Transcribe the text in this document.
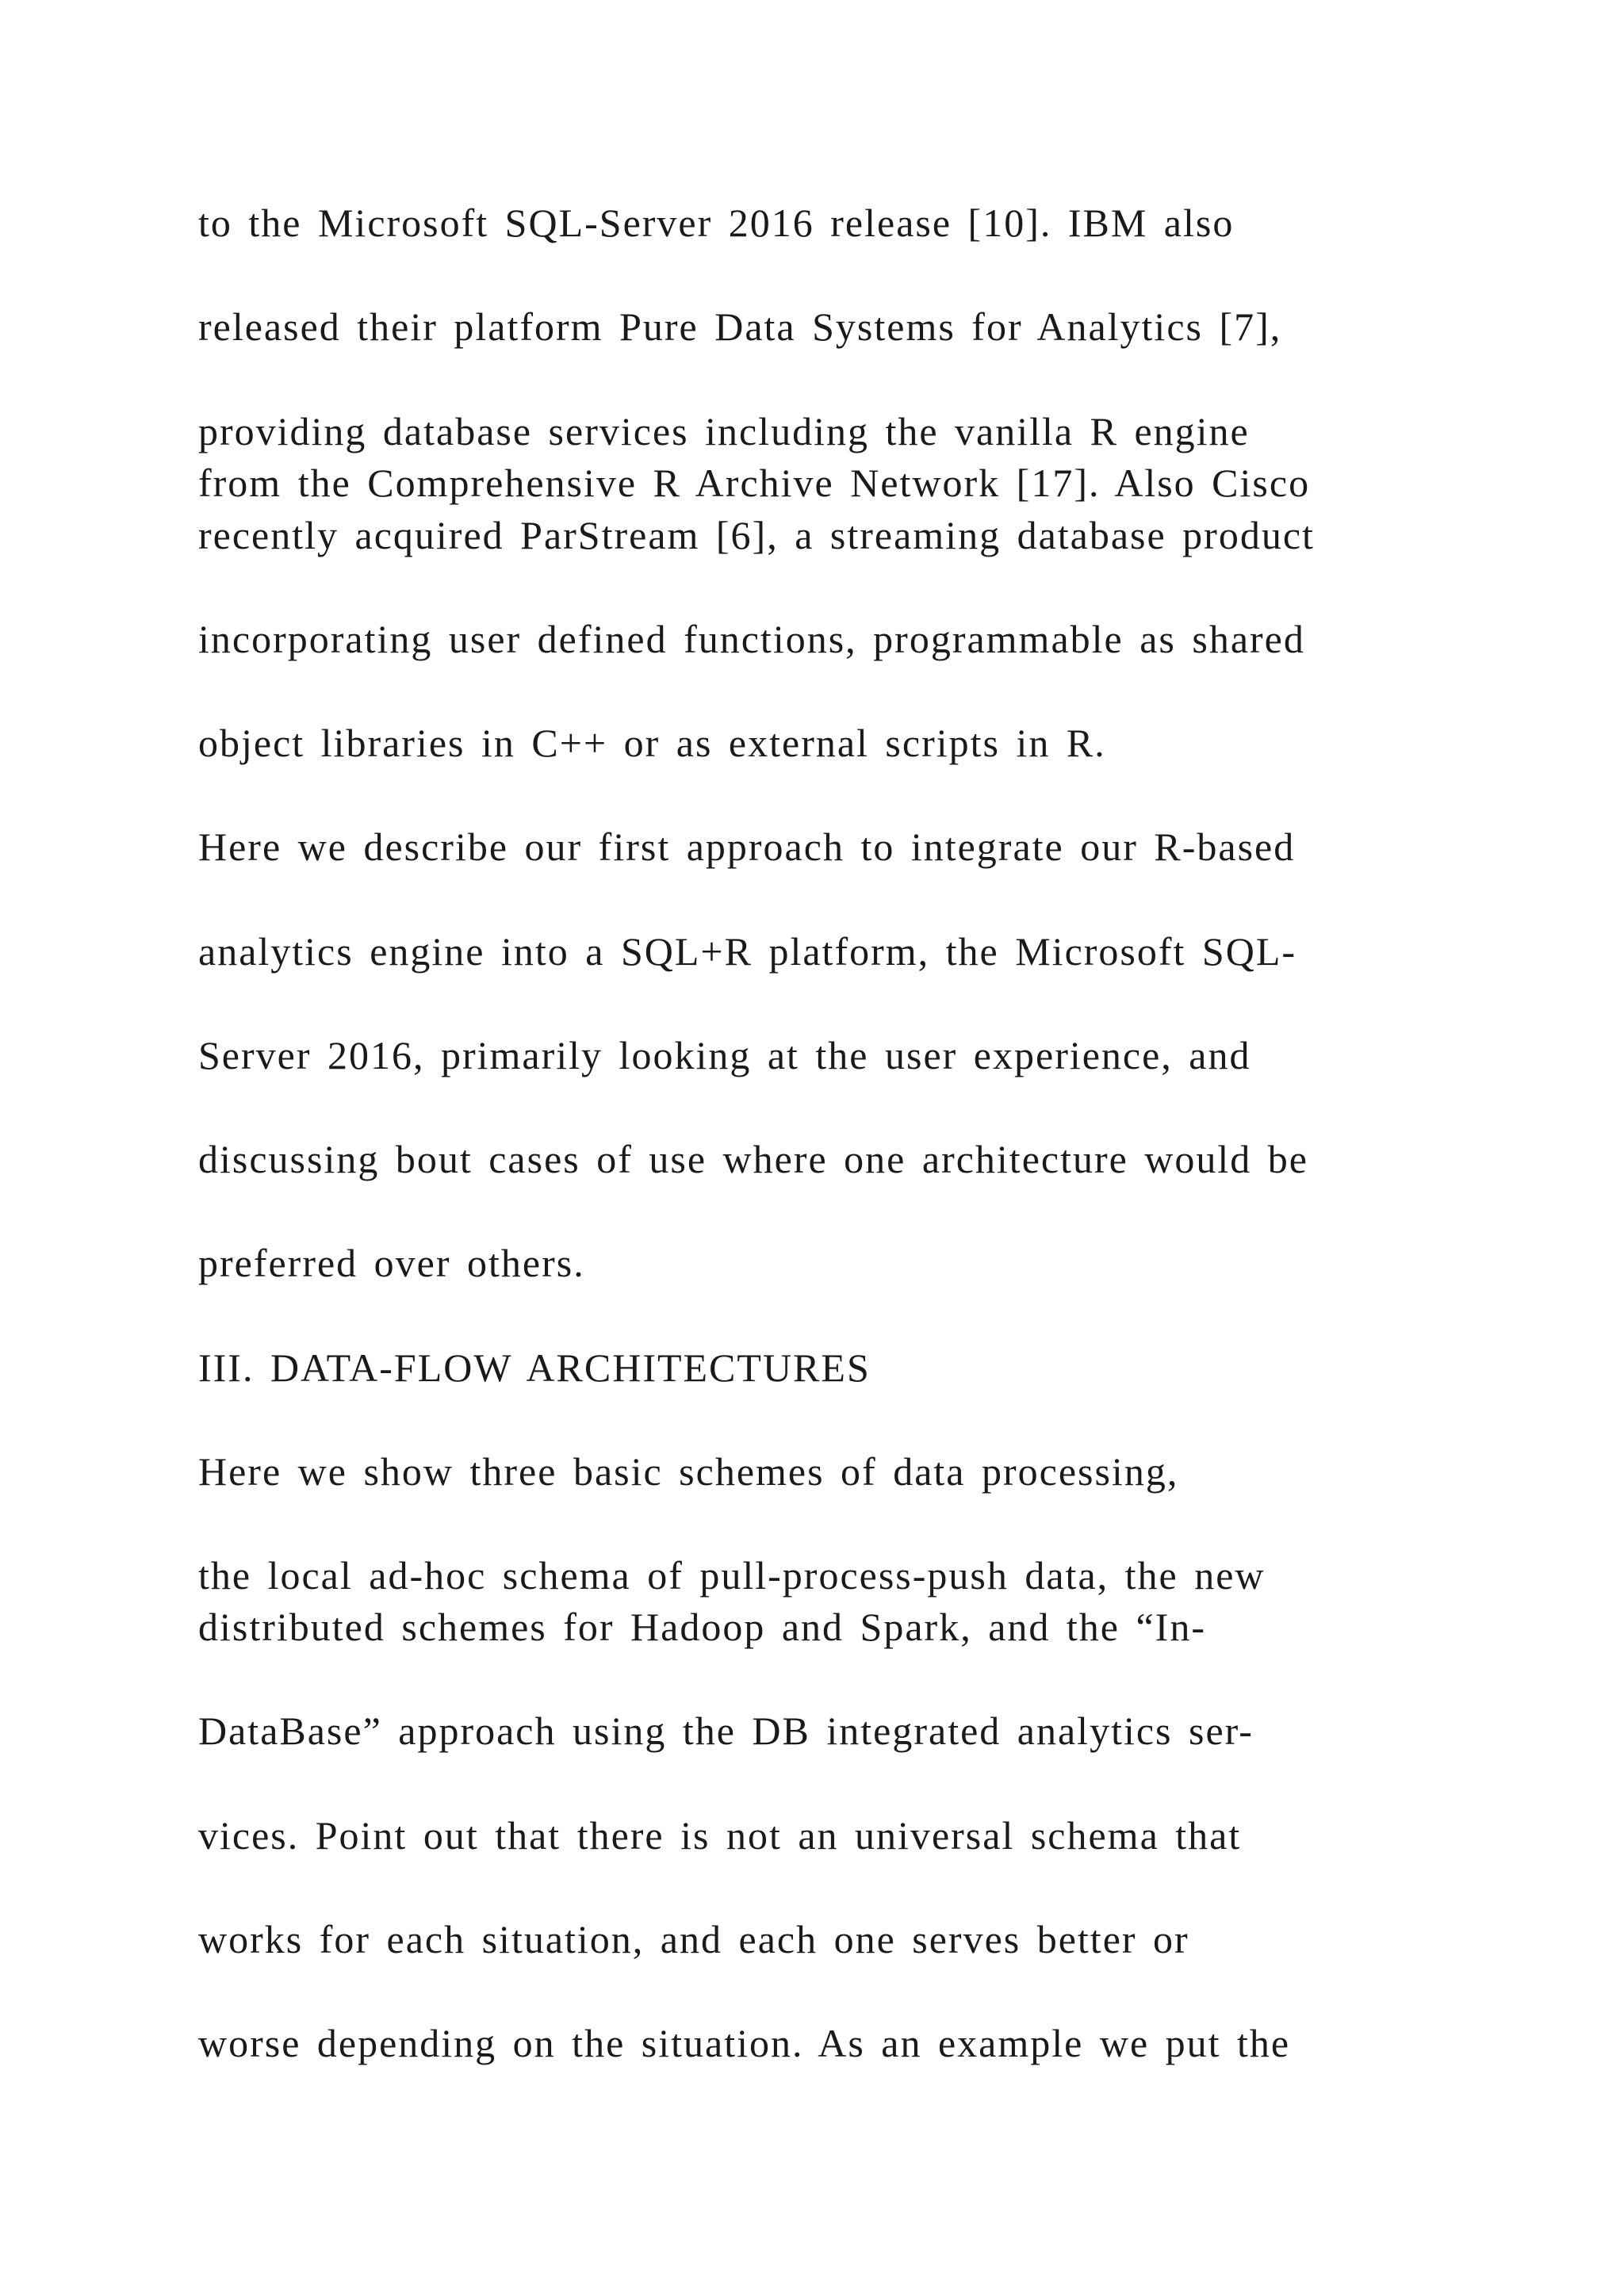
to the Microsoft SQL-Server 2016 release [10]. IBM also

released their platform Pure Data Systems for Analytics [7],

providing database services including the vanilla R engine

from the Comprehensive R Archive Network [17]. Also Cisco

recently acquired ParStream [6], a streaming database product

incorporating user defined functions, programmable as shared

object libraries in C++ or as external scripts in R.

Here we describe our first approach to integrate our R-based

analytics engine into a SQL+R platform, the Microsoft SQL-

Server 2016, primarily looking at the user experience, and

discussing bout cases of use where one architecture would be

preferred over others.

III. DATA-FLOW ARCHITECTURES

Here we show three basic schemes of data processing,

the local ad-hoc schema of pull-process-push data, the new

distributed schemes for Hadoop and Spark, and the “In-

DataBase” approach using the DB integrated analytics ser-

vices. Point out that there is not an universal schema that

works for each situation, and each one serves better or

worse depending on the situation. As an example we put the
